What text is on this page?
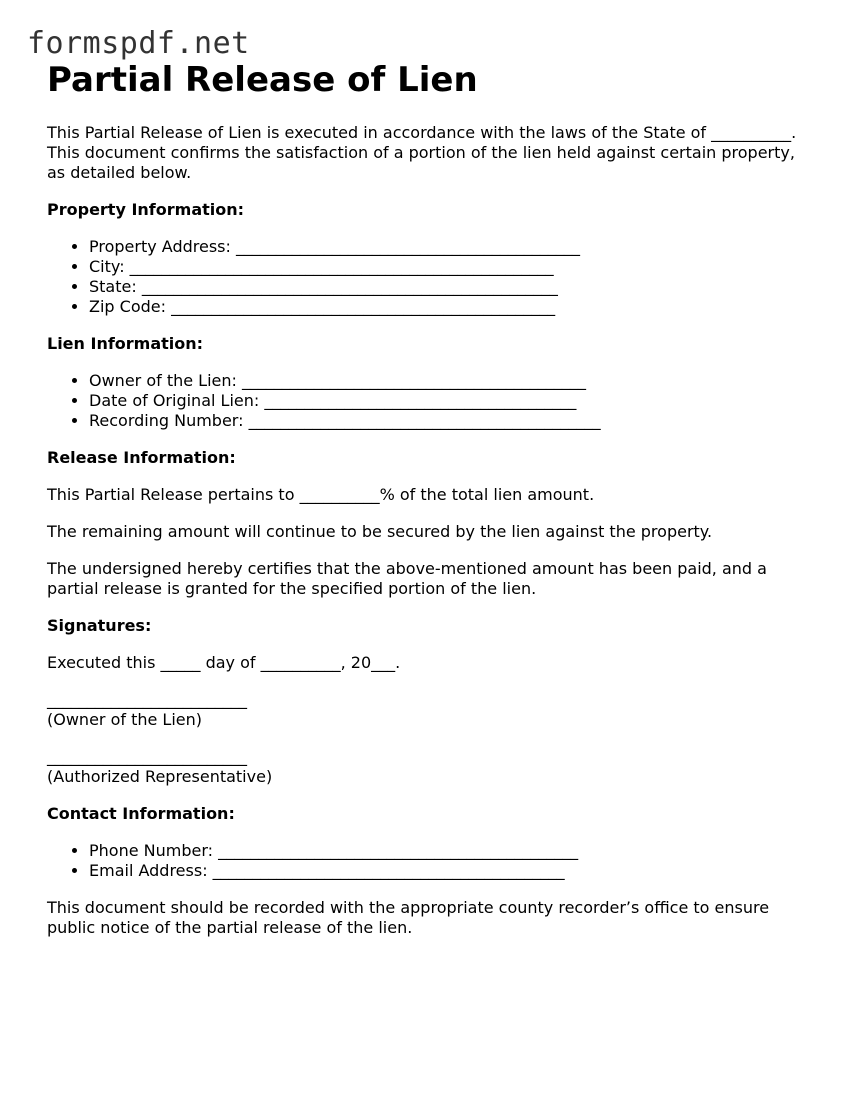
formspdf.net
Partial Release of Lien

This Partial Release of Lien is executed in accordance with the laws of the State of __________. This document confirms the satisfaction of a portion of the lien held against certain property, as detailed below.

Property Information:
• Property Address: ___________________________________________
• City: _____________________________________________________
• State: ____________________________________________________
• Zip Code: ________________________________________________
Lien Information:
• Owner of the Lien: ___________________________________________
• Date of Original Lien: _______________________________________
• Recording Number: ____________________________________________
Release Information:

This Partial Release pertains to __________% of the total lien amount.

The remaining amount will continue to be secured by the lien against the property.

The undersigned hereby certifies that the above-mentioned amount has been paid, and a partial release is granted for the specified portion of the lien.

Signatures:

Executed this _____ day of __________, 20___.

_________________________
(Owner of the Lien)
_________________________
(Authorized Representative)
Contact Information:
• Phone Number: _____________________________________________
• Email Address: ____________________________________________

This document should be recorded with the appropriate county recorder’s office to ensure public notice of the partial release of the lien.
